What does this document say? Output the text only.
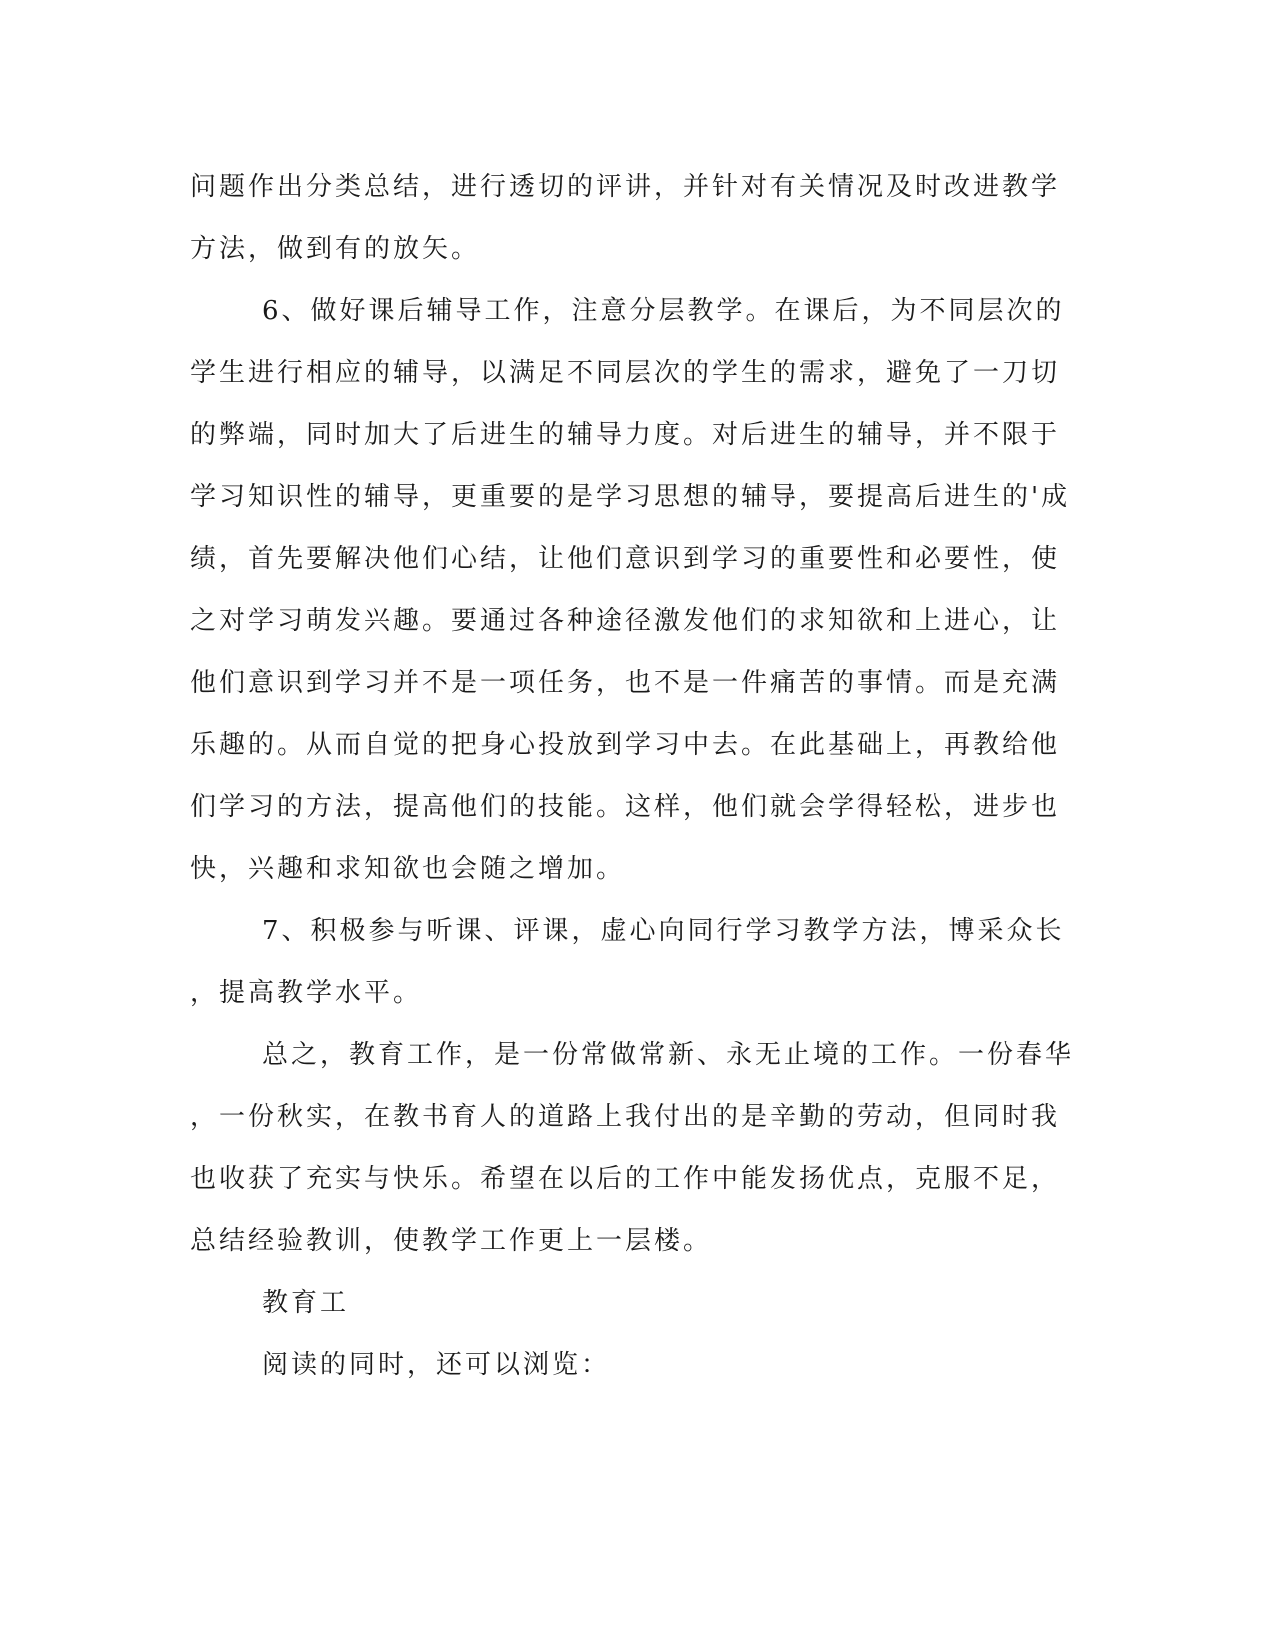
问题作出分类总结，进行透切的评讲，并针对有关情况及时改进教学
方法，做到有的放矢。
6、做好课后辅导工作，注意分层教学。在课后，为不同层次的
学生进行相应的辅导，以满足不同层次的学生的需求，避免了一刀切
的弊端，同时加大了后进生的辅导力度。对后进生的辅导，并不限于
学习知识性的辅导，更重要的是学习思想的辅导，要提高后进生的'成
绩，首先要解决他们心结，让他们意识到学习的重要性和必要性，使
之对学习萌发兴趣。要通过各种途径激发他们的求知欲和上进心，让
他们意识到学习并不是一项任务，也不是一件痛苦的事情。而是充满
乐趣的。从而自觉的把身心投放到学习中去。在此基础上，再教给他
们学习的方法，提高他们的技能。这样，他们就会学得轻松，进步也
快，兴趣和求知欲也会随之增加。
7、积极参与听课、评课，虚心向同行学习教学方法，博采众长
，提高教学水平。
总之，教育工作，是一份常做常新、永无止境的工作。一份春华
，一份秋实，在教书育人的道路上我付出的是辛勤的劳动，但同时我
也收获了充实与快乐。希望在以后的工作中能发扬优点，克服不足，
总结经验教训，使教学工作更上一层楼。
教育工
阅读的同时，还可以浏览：
